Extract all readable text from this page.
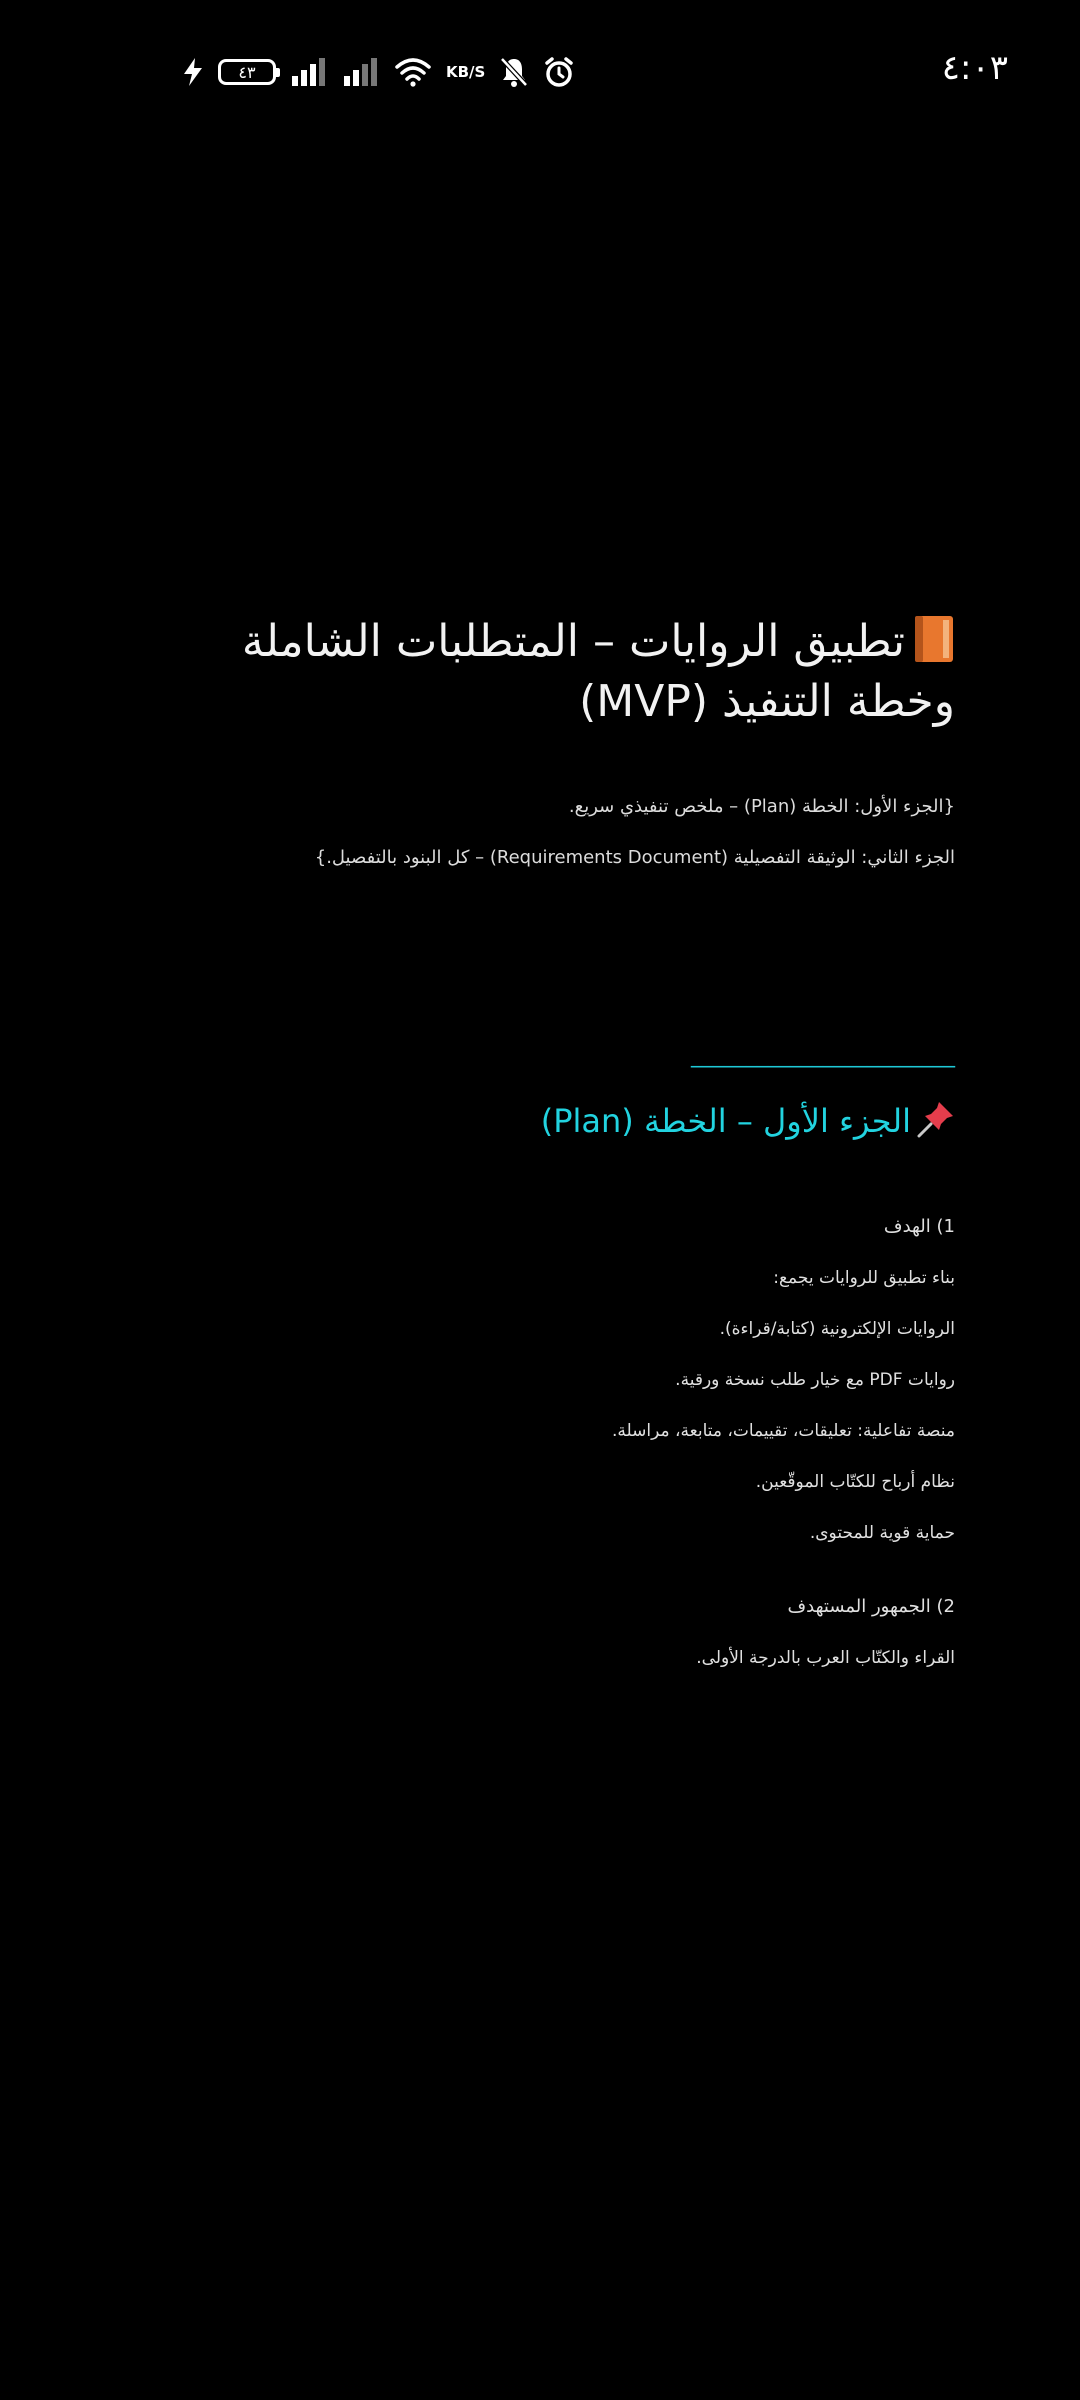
٤٣	KB/S	٤:٠٣
تطبيق الروايات – المتطلبات الشاملة وخطة التنفيذ (MVP)

{الجزء الأول: الخطة (Plan) – ملخص تنفيذي سريع.

الجزء الثاني: الوثيقة التفصيلية (Requirements Document) – كل البنود بالتفصيل.}

________________________
الجزء الأول – الخطة (Plan)

1) الهدف

بناء تطبيق للروايات يجمع:

الروايات الإلكترونية (كتابة/قراءة).

روايات PDF مع خيار طلب نسخة ورقية.

منصة تفاعلية: تعليقات، تقييمات، متابعة، مراسلة.

نظام أرباح للكتّاب الموقّعين.

حماية قوية للمحتوى.

2) الجمهور المستهدف

القراء والكتّاب العرب بالدرجة الأولى.
